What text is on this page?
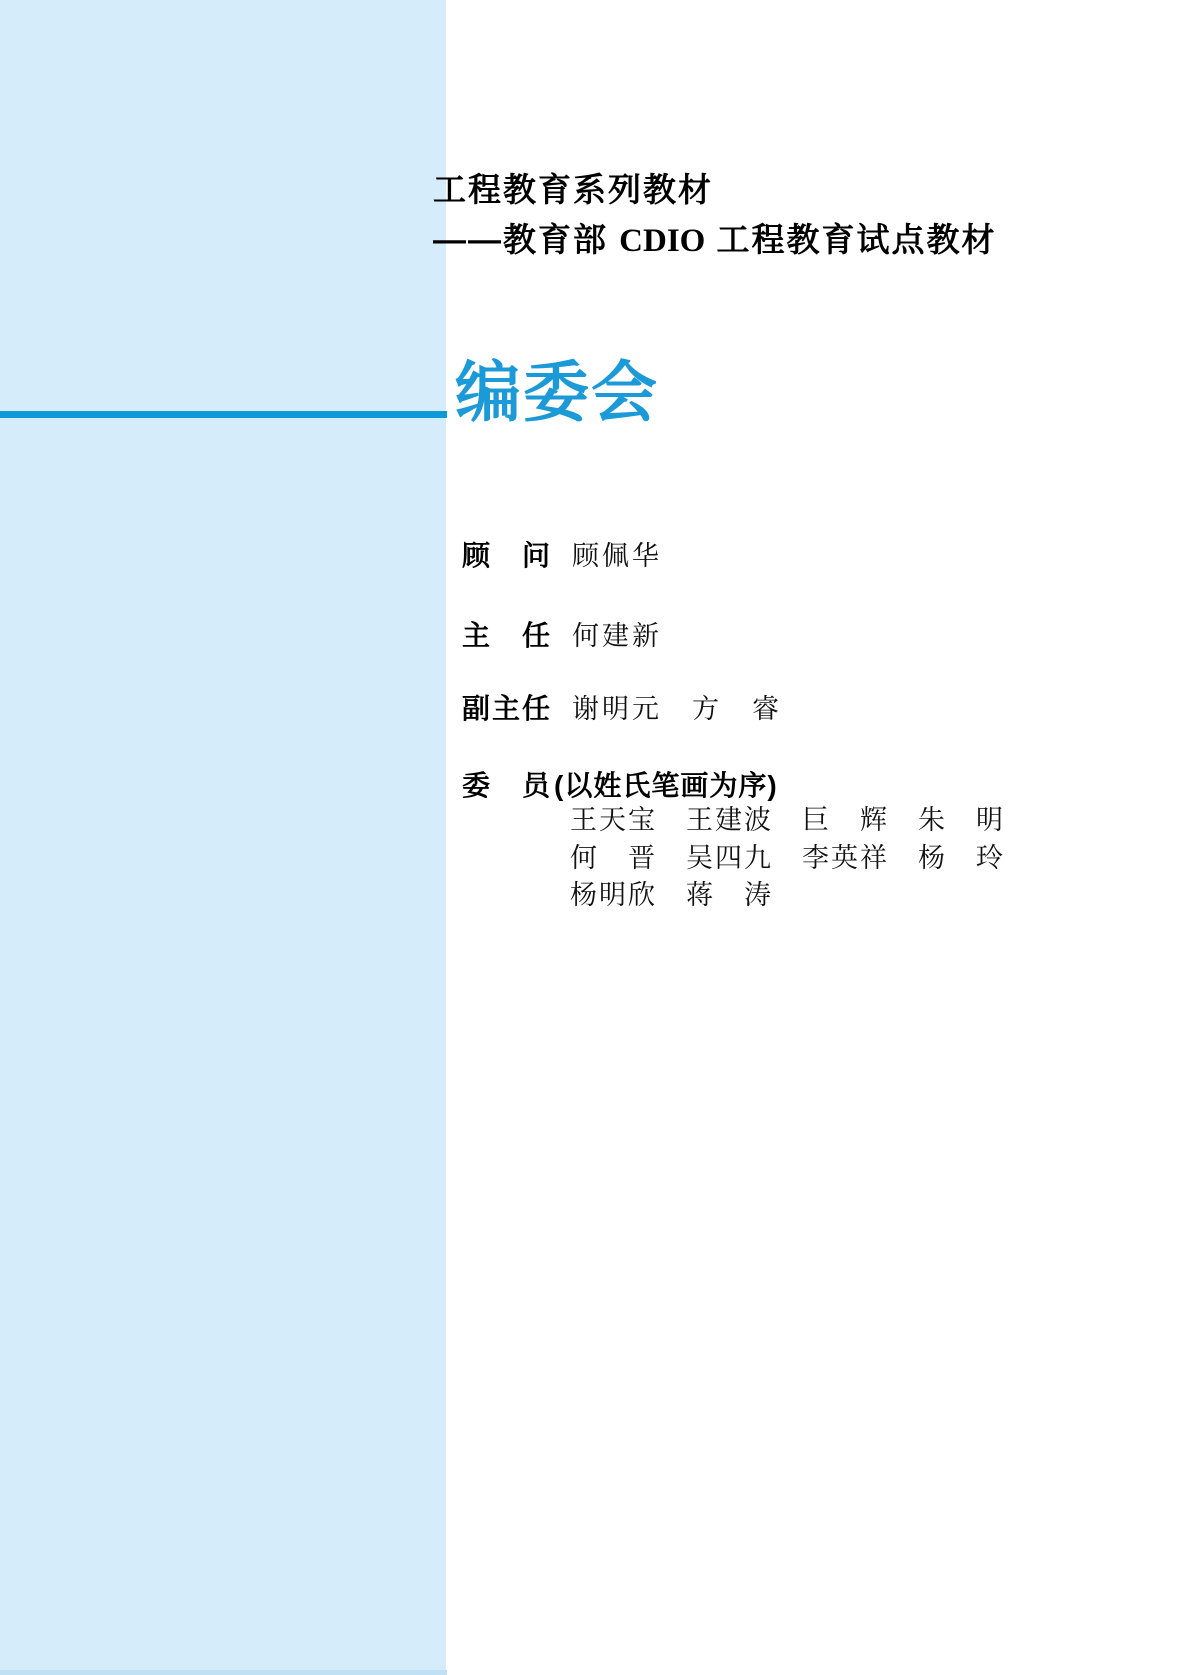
工程教育系列教材
——教育部 CDIO 工程教育试点教材
编委会
顾　问 顾佩华
主　任 何建新
副主任 谢明元　方　睿
委　员 (以姓氏笔画为序)
王天宝　王建波　巨　辉　朱　明
何　晋　吴四九　李英祥　杨　玲
杨明欣　蒋　涛
